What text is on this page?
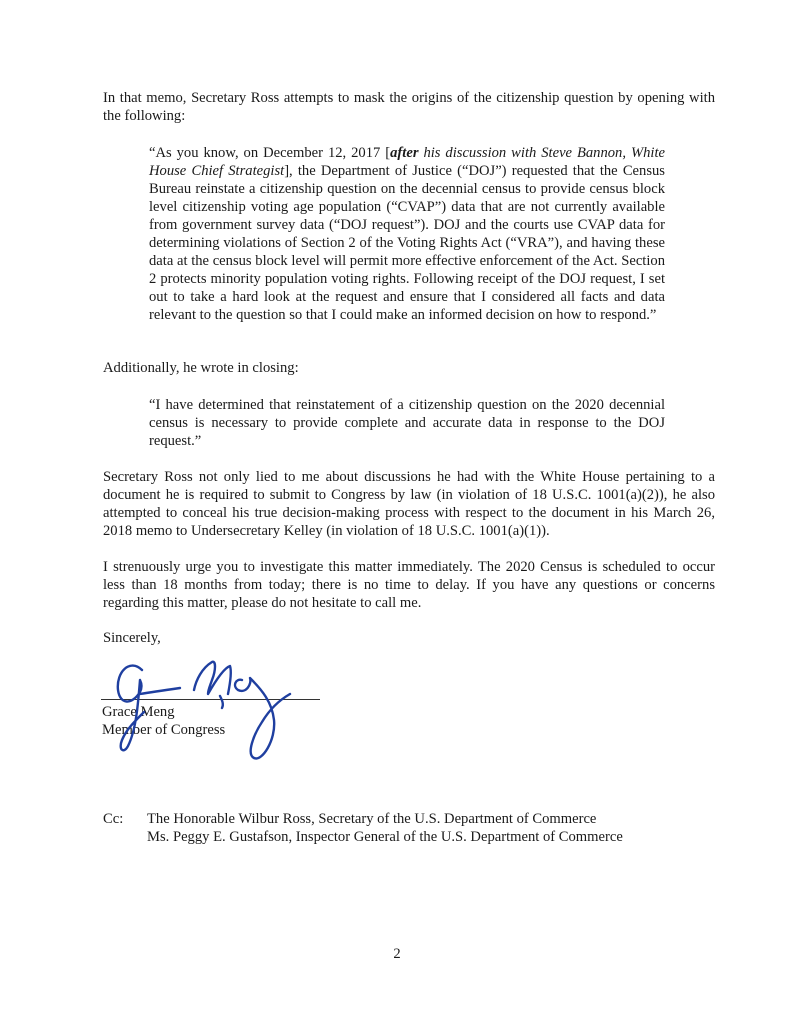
In that memo, Secretary Ross attempts to mask the origins of the citizenship question by opening with the following:

“As you know, on December 12, 2017 [after his discussion with Steve Bannon, White House Chief Strategist], the Department of Justice (“DOJ”) requested that the Census Bureau reinstate a citizenship question on the decennial census to provide census block level citizenship voting age population (“CVAP”) data that are not currently available from government survey data (“DOJ request”). DOJ and the courts use CVAP data for determining violations of Section 2 of the Voting Rights Act (“VRA”), and having these data at the census block level will permit more effective enforcement of the Act. Section 2 protects minority population voting rights. Following receipt of the DOJ request, I set out to take a hard look at the request and ensure that I considered all facts and data relevant to the question so that I could make an informed decision on how to respond.”

Additionally, he wrote in closing:

“I have determined that reinstatement of a citizenship question on the 2020 decennial census is necessary to provide complete and accurate data in response to the DOJ request.”

Secretary Ross not only lied to me about discussions he had with the White House pertaining to a document he is required to submit to Congress by law (in violation of 18 U.S.C. 1001(a)(2)), he also attempted to conceal his true decision-making process with respect to the document in his March 26, 2018 memo to Undersecretary Kelley (in violation of 18 U.S.C. 1001(a)(1)).

I strenuously urge you to investigate this matter immediately. The 2020 Census is scheduled to occur less than 18 months from today; there is no time to delay. If you have any questions or concerns regarding this matter, please do not hesitate to call me.

Sincerely,

Grace Meng

Member of Congress

Cc: The Honorable Wilbur Ross, Secretary of the U.S. Department of Commerce

Ms. Peggy E. Gustafson, Inspector General of the U.S. Department of Commerce

2
